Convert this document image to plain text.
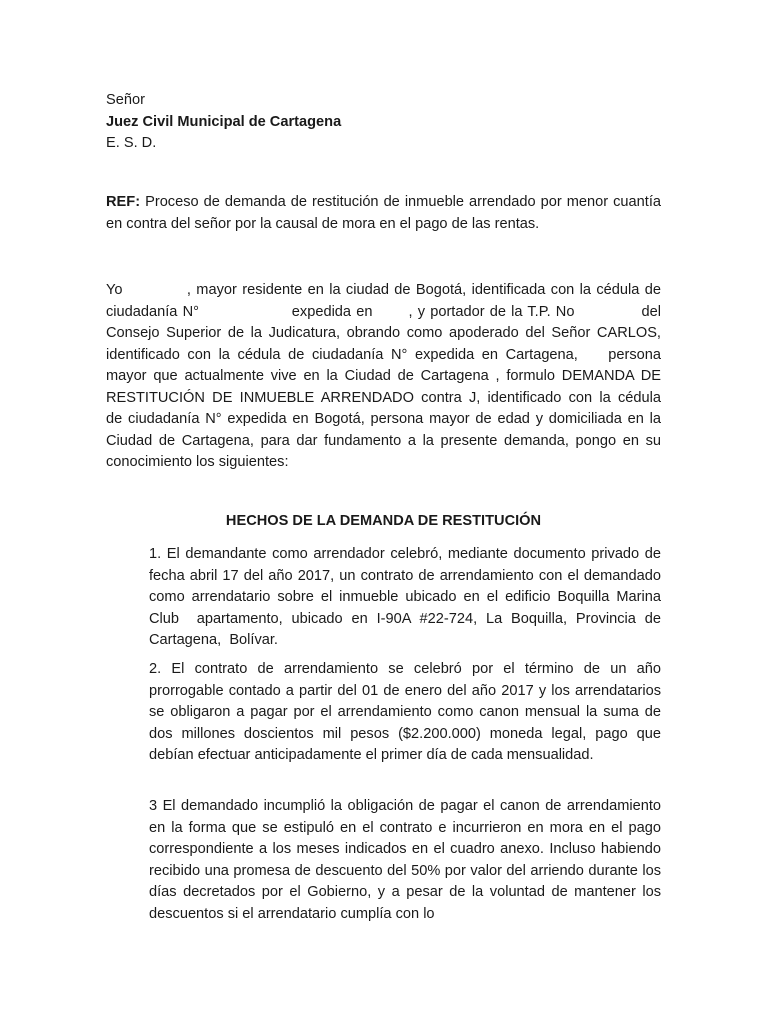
Señor

Juez Civil Municipal de Cartagena

E. S. D.

REF: Proceso de demanda de restitución de inmueble arrendado por menor cuantía en contra del señor por la causal de mora en el pago de las rentas.

Yo            , mayor residente en la ciudad de Bogotá, identificada con la cédula de
ciudadanía N°                  expedida en       , y portador de la T.P. No             del
Consejo Superior de la Judicatura, obrando como apoderado del Señor CARLOS,
identificado con la cédula de ciudadanía N° expedida en Cartagena,    persona
mayor que actualmente vive en la Ciudad de Cartagena , formulo DEMANDA DE
RESTITUCIÓN DE INMUEBLE ARRENDADO contra J, identificado con la cédula
de ciudadanía N° expedida en Bogotá, persona mayor de edad y domiciliada en la
Ciudad de Cartagena, para dar fundamento a la presente demanda, pongo en su
conocimiento los siguientes:
HECHOS DE LA DEMANDA DE RESTITUCIÓN
1. El demandante como arrendador celebró, mediante documento privado de fecha abril 17 del año 2017, un contrato de arrendamiento con el demandado como arrendatario sobre el inmueble ubicado en el edificio Boquilla Marina Club  apartamento, ubicado en I-90A #22-724, La Boquilla, Provincia de Cartagena,  Bolívar.
2. El contrato de arrendamiento se celebró por el término de un año prorrogable contado a partir del 01 de enero del año 2017 y los arrendatarios se obligaron a pagar por el arrendamiento como canon mensual la suma de dos millones doscientos mil pesos ($2.200.000) moneda legal, pago que debían efectuar anticipadamente el primer día de cada mensualidad.
3 El demandado incumplió la obligación de pagar el canon de arrendamiento en la forma que se estipuló en el contrato e incurrieron en mora en el pago correspondiente a los meses indicados en el cuadro anexo. Incluso habiendo recibido una promesa de descuento del 50% por valor del arriendo durante los días decretados por el Gobierno, y a pesar de la voluntad de mantener los descuentos si el arrendatario cumplía con lo
